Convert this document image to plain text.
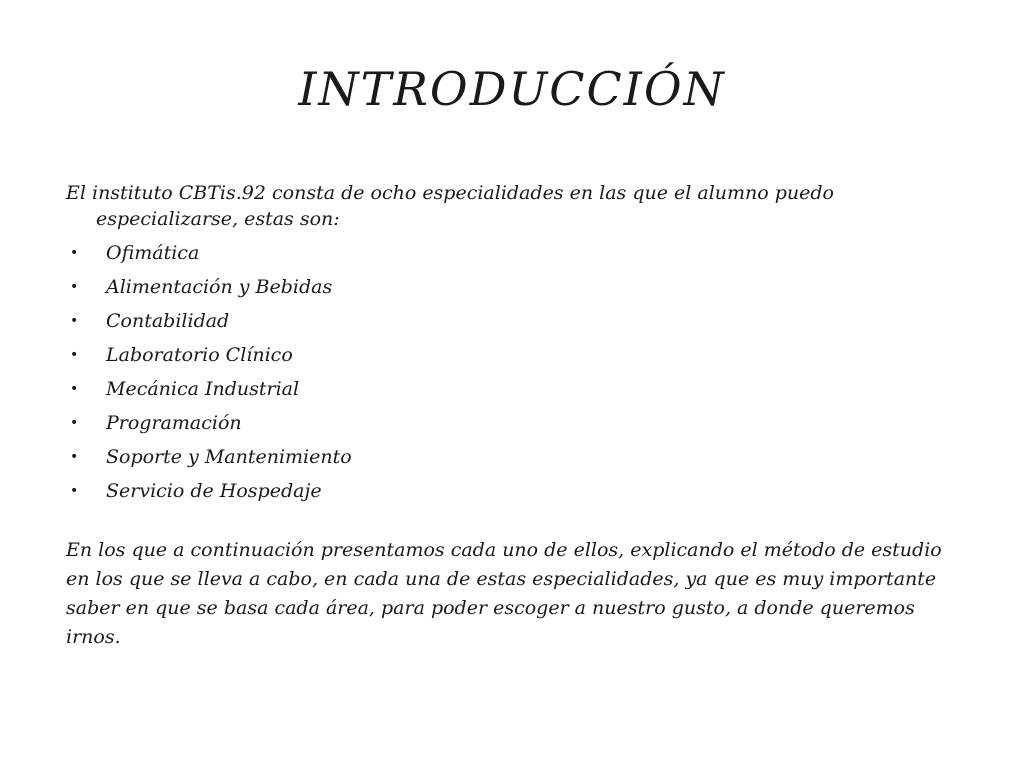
INTRODUCCIÓN

El instituto CBTis.92 consta de ocho especialidades en las que el alumno puedo especializarse, estas son:

• Ofimática
• Alimentación y Bebidas
• Contabilidad
• Laboratorio Clínico
• Mecánica Industrial
• Programación
• Soporte y Mantenimiento
• Servicio de Hospedaje

En los que a continuación presentamos cada uno de ellos, explicando el método de estudio en los que se lleva a cabo, en cada una de estas especialidades, ya que es muy importante saber en que se basa cada área, para poder escoger a nuestro gusto, a donde queremos irnos.
